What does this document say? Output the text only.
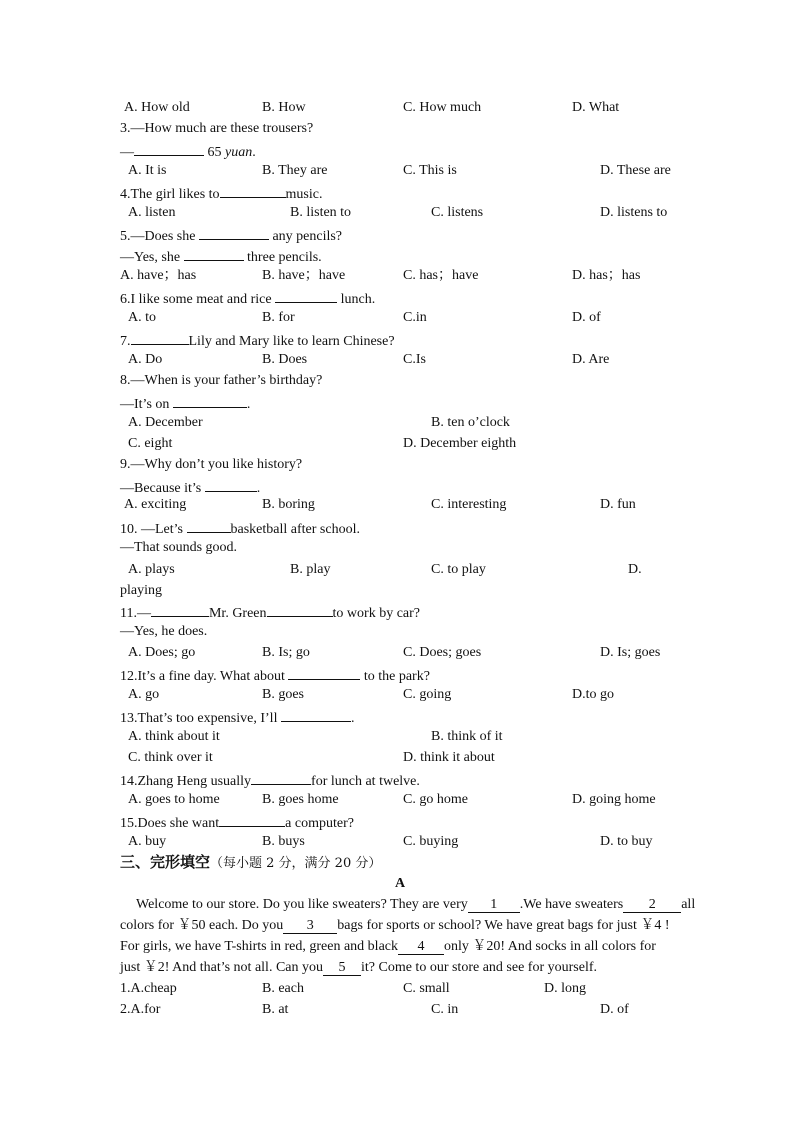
A. How old	B. How	C. How much	D. What
3.—How much are these trousers?
—	65 yuan.
A. It is	B. They are	C. This is	D. These are
4.The girl likes to	music.
A. listen	B. listen to	C. listens	D. listens to
5.—Does she	any pencils?
—Yes, she	three pencils.
A. have；has	B. have；have	C. has；have	D. has；has
6.I like some meat and rice	lunch.
A. to	B. for	C.in	D. of
7.	Lily and Mary like to learn Chinese?
A. Do	B. Does	C.Is	D. Are
8.—When is your father’s birthday?
—It’s on	.
A. December	B. ten o’clock
C. eight	D. December eighth
9.—Why don’t you like history?
—Because it’s	.
A. exciting	B. boring	C. interesting	D. fun
10. —Let’s	basketball after school.
—That sounds good.
A. plays	B. play	C. to play	D.
playing
11.—	Mr. Green	to work by car?
—Yes, he does.
A. Does; go	B. Is; go	C. Does; goes	D. Is; goes
12.It’s a fine day. What about	to the park?
A. go	B. goes	C. going	D.to go
13.That’s too expensive, I’ll	.
A. think about it	B. think of it
C. think over it	D. think it about
14.Zhang Heng usually	for lunch at twelve.
A. goes to home	B. goes home	C. go home	D. going home
15.Does she want	a computer?
A. buy	B. buys	C. buying	D. to buy
三、完形填空（每小题 2 分，满分 20 分）
A
Welcome to our store. Do you like sweaters? They are very 1 .We have sweaters 2 all
colors for ￥50 each. Do you 3 bags for sports or school? We have great bags for just ￥4 !
For girls, we have T-shirts in red, green and black 4 only ￥20! And socks in all colors for
just ￥2! And that’s not all. Can you 5 it? Come to our store and see for yourself.
1.A.cheap	B. each	C. small	D. long
2.A.for	B. at	C. in	D. of
